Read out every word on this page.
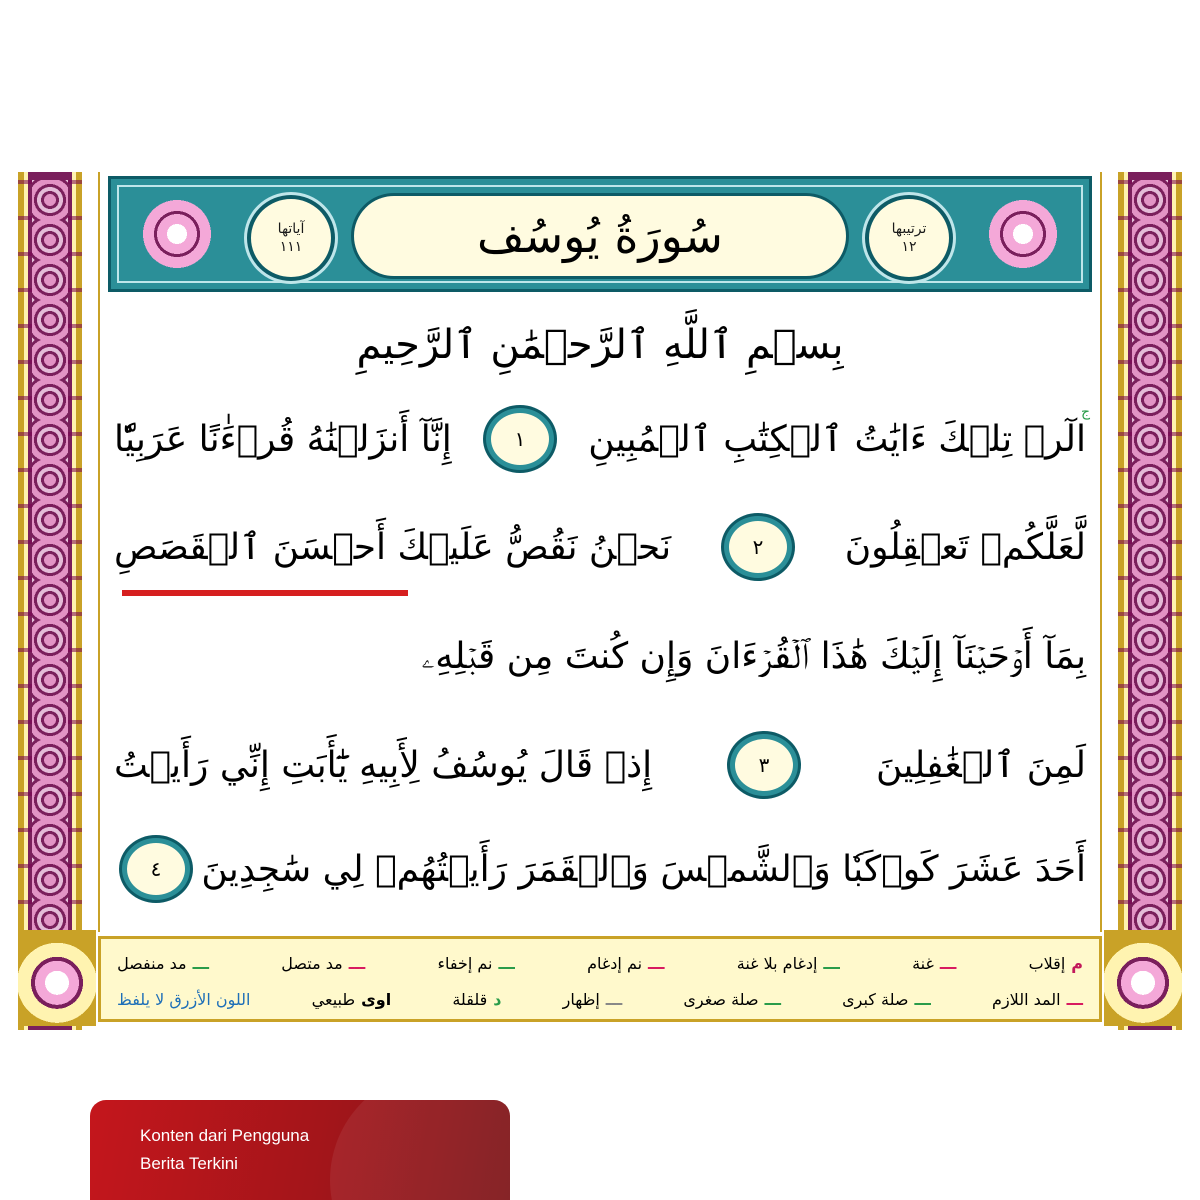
آياتها
١١١	سُورَةُ يُوسُف	ترتيبها
١٢
بِسۡمِ ٱللَّهِ ٱلرَّحۡمَٰنِ ٱلرَّحِيمِ
ج
الٓرۚ تِلۡكَ ءَايَٰتُ ٱلۡكِتَٰبِ ٱلۡمُبِينِ
١
إِنَّآ أَنزَلۡنَٰهُ قُرۡءَٰنًا عَرَبِيّٗا
لَّعَلَّكُمۡ تَعۡقِلُونَ
٢
نَحۡنُ نَقُصُّ عَلَيۡكَ أَحۡسَنَ ٱلۡقَصَصِ
بِمَآ أَوۡحَيۡنَآ إِلَيۡكَ هَٰذَا ٱلۡقُرۡءَانَ وَإِن كُنتَ مِن قَبۡلِهِۦ
لَمِنَ ٱلۡغَٰفِلِينَ
٣
إِذۡ قَالَ يُوسُفُ لِأَبِيهِ يَٰٓأَبَتِ إِنِّي رَأَيۡتُ
أَحَدَ عَشَرَ كَوۡكَبٗا وَٱلشَّمۡسَ وَٱلۡقَمَرَ رَأَيۡتُهُمۡ لِي سَٰجِدِينَ
٤
م
إقلاب
ـــ
غنة
ـــ
إدغام بلا غنة
ـــ
نم إدغام
ـــ
نم إخفاء
ـــ
مد متصل
ـــ
مد منفصل
ـــ
المد اللازم
ـــ
صلة كبرى
ـــ
صلة صغرى
ـــ
إظهار
د
قلقلة
اوى
طبيعي
اللون الأزرق لا يلفظ
Konten dari Pengguna
Berita Terkini
